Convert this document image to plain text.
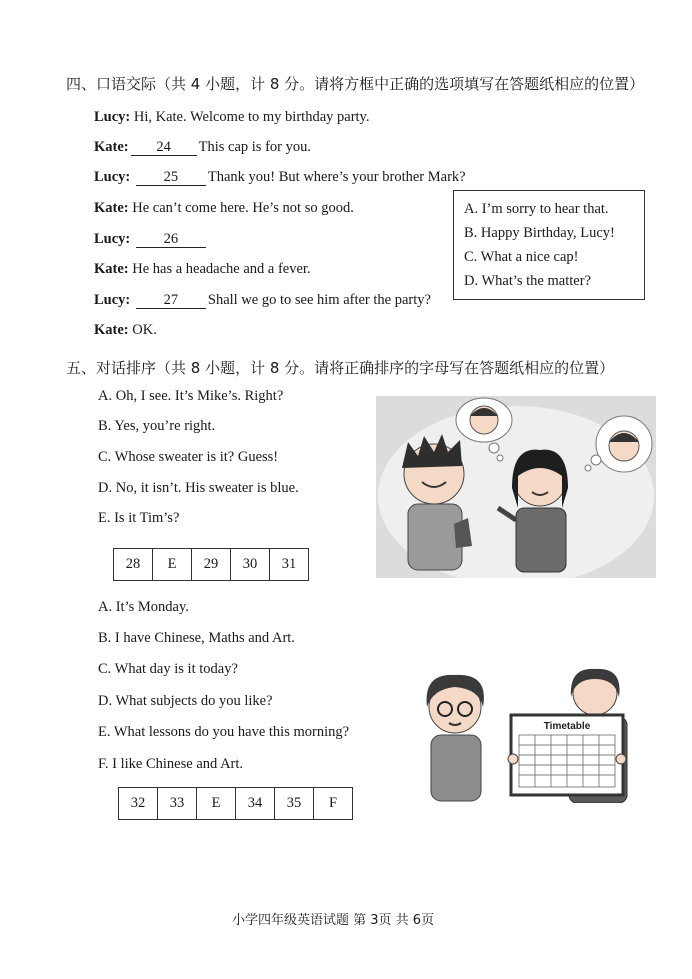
四、口语交际（共 4 小题，计 8 分。请将方框中正确的选项填写在答题纸相应的位置）
Lucy: Hi, Kate. Welcome to my birthday party.
Kate: 24 This cap is for you.
Lucy: 25 Thank you! But where’s your brother Mark?
Kate: He can’t come here. He’s not so good.
Lucy: 26
Kate: He has a headache and a fever.
Lucy: 27 Shall we go to see him after the party?
Kate: OK.
A. I’m sorry to hear that.
B. Happy Birthday, Lucy!
C. What a nice cap!
D. What’s the matter?
五、对话排序（共 8 小题，计 8 分。请将正确排序的字母写在答题纸相应的位置）
A. Oh, I see. It’s Mike’s. Right?
B. Yes, you’re right.
C. Whose sweater is it? Guess!
D. No, it isn’t. His sweater is blue.
E. Is it Tim’s?
28	E	29	30	31
A. It’s Monday.
B. I have Chinese, Maths and Art.
C. What day is it today?
D. What subjects do you like?
E. What lessons do you have this morning?
F. I like Chinese and Art.
32	33	E	34	35	F
Timetable
小学四年级英语试题 第 3页 共 6页
